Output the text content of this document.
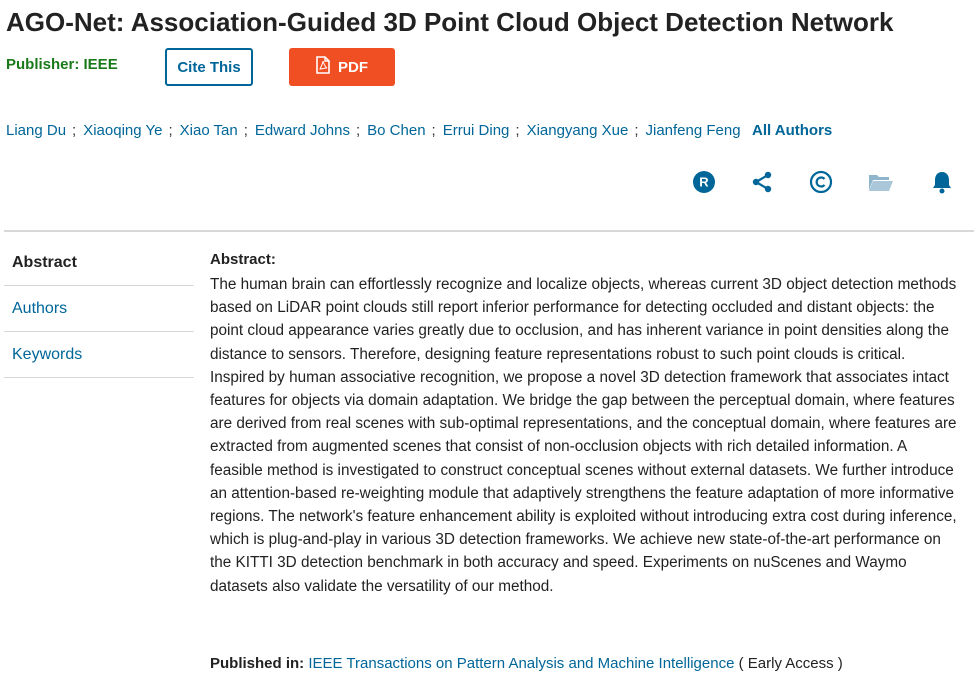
AGO-Net: Association-Guided 3D Point Cloud Object Detection Network
Publisher: IEEE	Cite This	PDF
Liang Du ; Xiaoqing Ye ; Xiao Tan ; Edward Johns ; Bo Chen ; Errui Ding ; Xiangyang Xue ; Jianfeng Feng All Authors
R
Abstract
Authors
Keywords
Abstract:
The human brain can effortlessly recognize and localize objects, whereas current 3D object detection methods based on LiDAR point clouds still report inferior performance for detecting occluded and distant objects: the point cloud appearance varies greatly due to occlusion, and has inherent variance in point densities along the distance to sensors. Therefore, designing feature representations robust to such point clouds is critical. Inspired by human associative recognition, we propose a novel 3D detection framework that associates intact features for objects via domain adaptation. We bridge the gap between the perceptual domain, where features are derived from real scenes with sub-optimal representations, and the conceptual domain, where features are extracted from augmented scenes that consist of non-occlusion objects with rich detailed information. A feasible method is investigated to construct conceptual scenes without external datasets. We further introduce an attention-based re-weighting module that adaptively strengthens the feature adaptation of more informative regions. The network's feature enhancement ability is exploited without introducing extra cost during inference, which is plug-and-play in various 3D detection frameworks. We achieve new state-of-the-art performance on the KITTI 3D detection benchmark in both accuracy and speed. Experiments on nuScenes and Waymo datasets also validate the versatility of our method.
Published in: IEEE Transactions on Pattern Analysis and Machine Intelligence ( Early Access )
